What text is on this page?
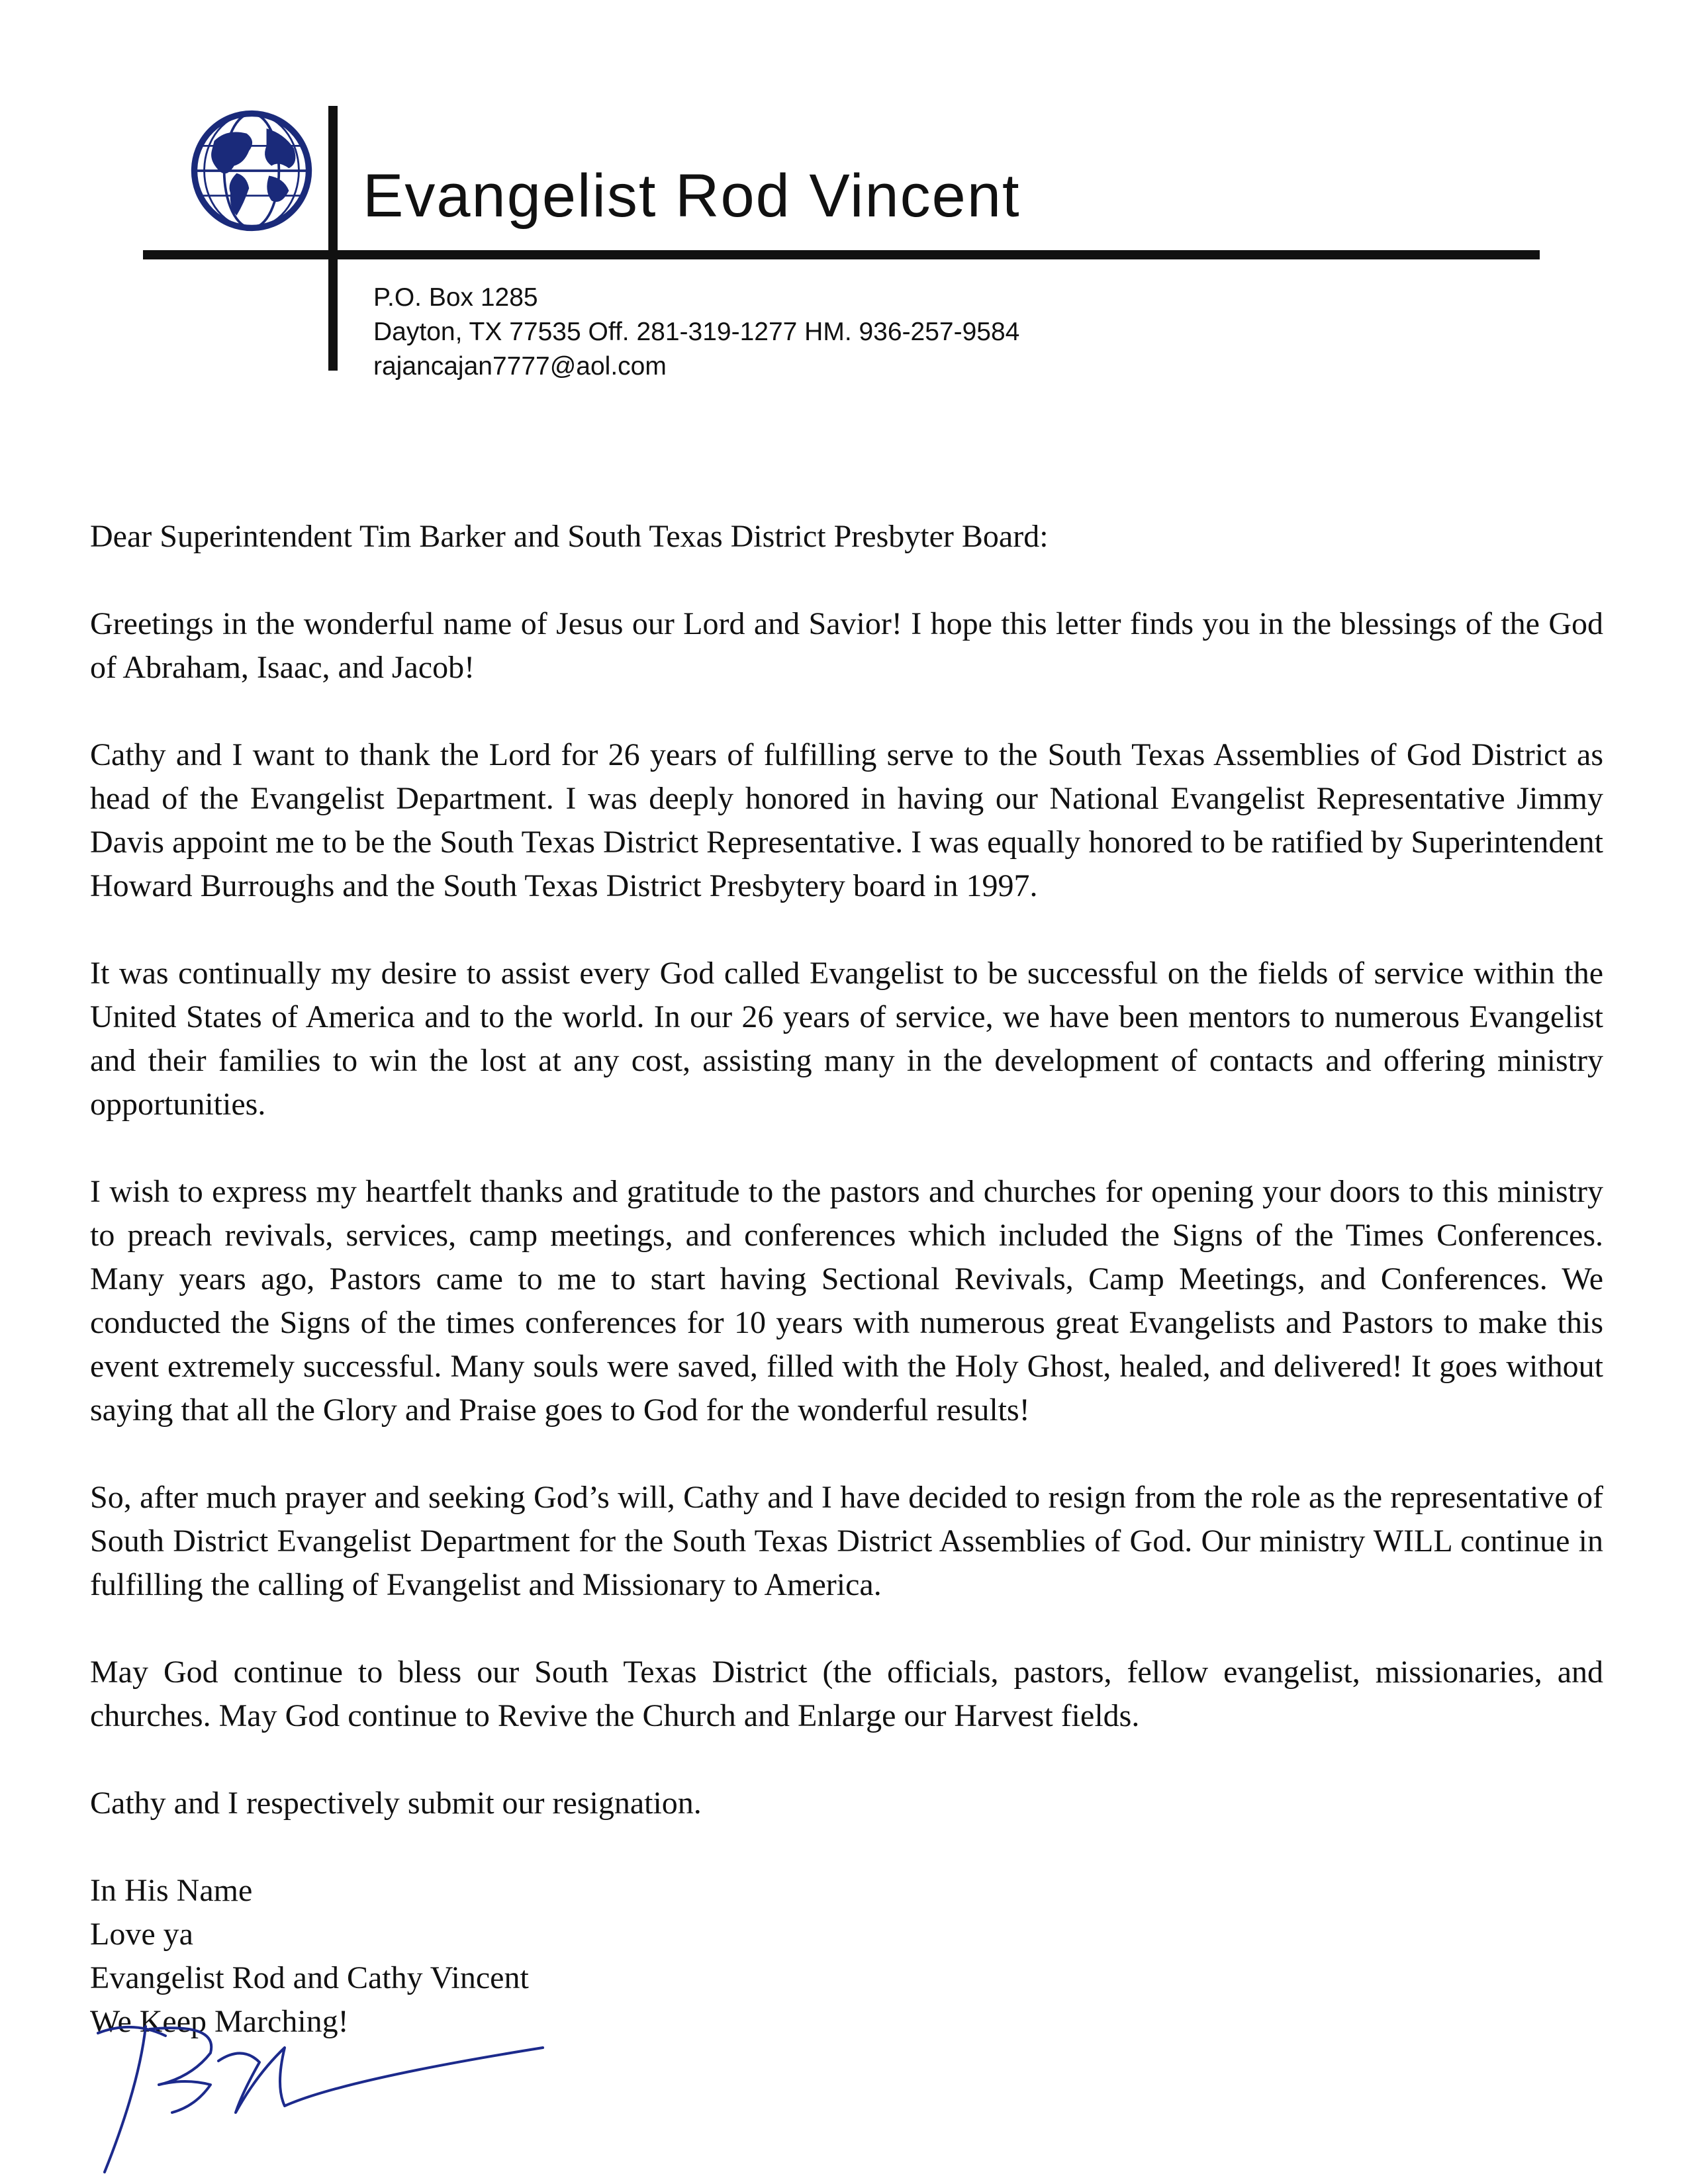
Evangelist Rod Vincent
P.O. Box 1285
Dayton, TX 77535 Off. 281-319-1277 HM. 936-257-9584
rajancajan7777@aol.com

Dear Superintendent Tim Barker and South Texas District Presbyter Board:

Greetings in the wonderful name of Jesus our Lord and Savior! I hope this letter finds you in the blessings of the God of Abraham, Isaac, and Jacob!

Cathy and I want to thank the Lord for 26 years of fulfilling serve to the South Texas Assemblies of God District as head of the Evangelist Department. I was deeply honored in having our National Evangelist Representative Jimmy Davis appoint me to be the South Texas District Representative. I was equally honored to be ratified by Superintendent Howard Burroughs and the South Texas District Presbytery board in 1997.

It was continually my desire to assist every God called Evangelist to be successful on the fields of service within the United States of America and to the world. In our 26 years of service, we have been mentors to numerous Evangelist and their families to win the lost at any cost, assisting many in the development of contacts and offering ministry opportunities.

I wish to express my heartfelt thanks and gratitude to the pastors and churches for opening your doors to this ministry to preach revivals, services, camp meetings, and conferences which included the Signs of the Times Conferences. Many years ago, Pastors came to me to start having Sectional Revivals, Camp Meetings, and Conferences. We conducted the Signs of the times conferences for 10 years with numerous great Evangelists and Pastors to make this event extremely successful. Many souls were saved, filled with the Holy Ghost, healed, and delivered! It goes without saying that all the Glory and Praise goes to God for the wonderful results!

So, after much prayer and seeking God’s will, Cathy and I have decided to resign from the role as the representative of South District Evangelist Department for the South Texas District Assemblies of God. Our ministry WILL continue in fulfilling the calling of Evangelist and Missionary to America.

May God continue to bless our South Texas District (the officials, pastors, fellow evangelist, missionaries, and churches. May God continue to Revive the Church and Enlarge our Harvest fields.

Cathy and I respectively submit our resignation.

In His Name
Love ya
Evangelist Rod and Cathy Vincent
We Keep Marching!
